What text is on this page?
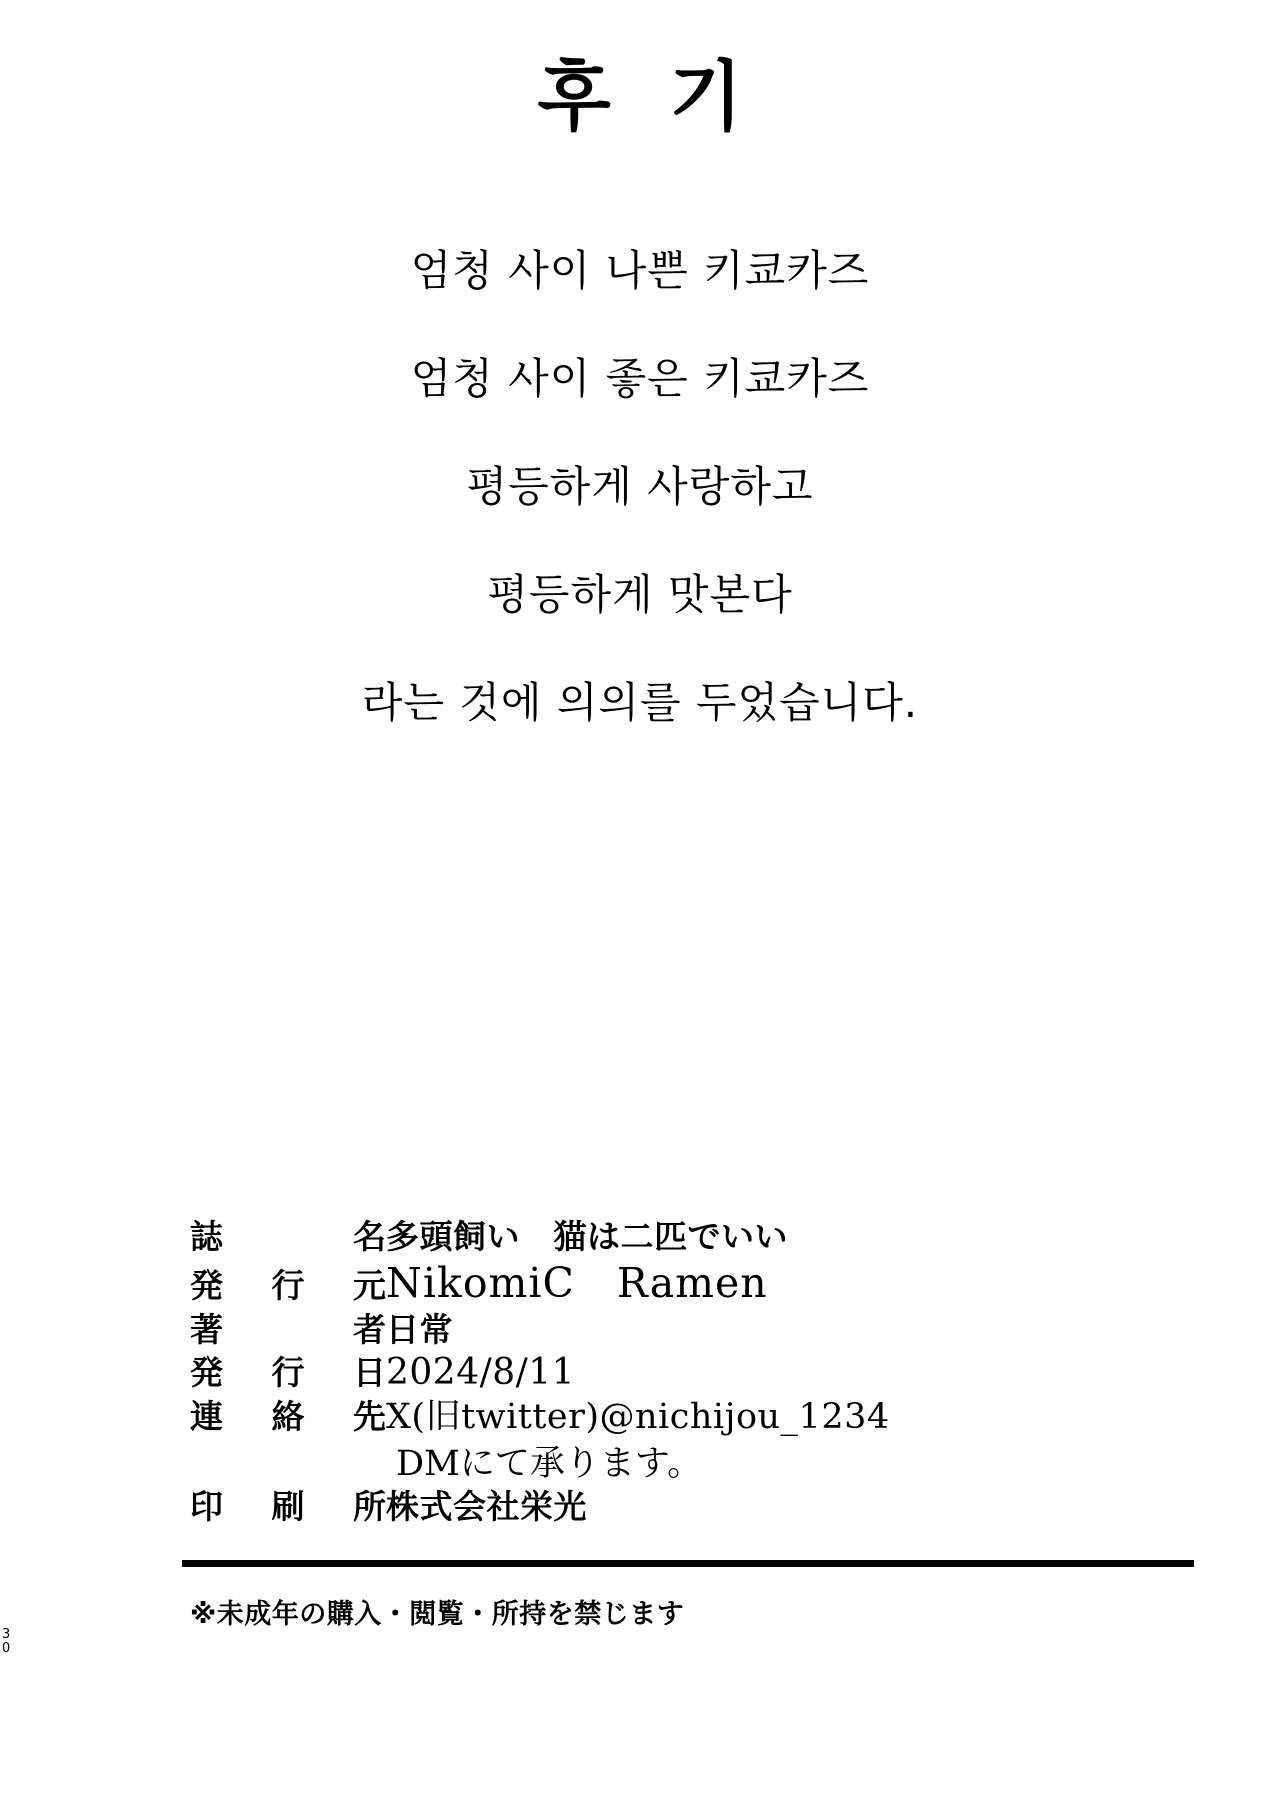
후 기
엄청 사이 나쁜 키쿄카즈
엄청 사이 좋은 키쿄카즈
평등하게 사랑하고
평등하게 맛본다
라는 것에 의의를 두었습니다.
誌	名 多頭飼い　猫は二匹でいい
発 行 元 NikomiC　Ramen
著	者 日常
発 行 日 2024/8/11
連 絡 先 X(旧twitter)@nichijou_1234
DMにて承ります。
印 刷 所 株式会社栄光
※未成年の購入・閲覧・所持を禁じます
3
0
